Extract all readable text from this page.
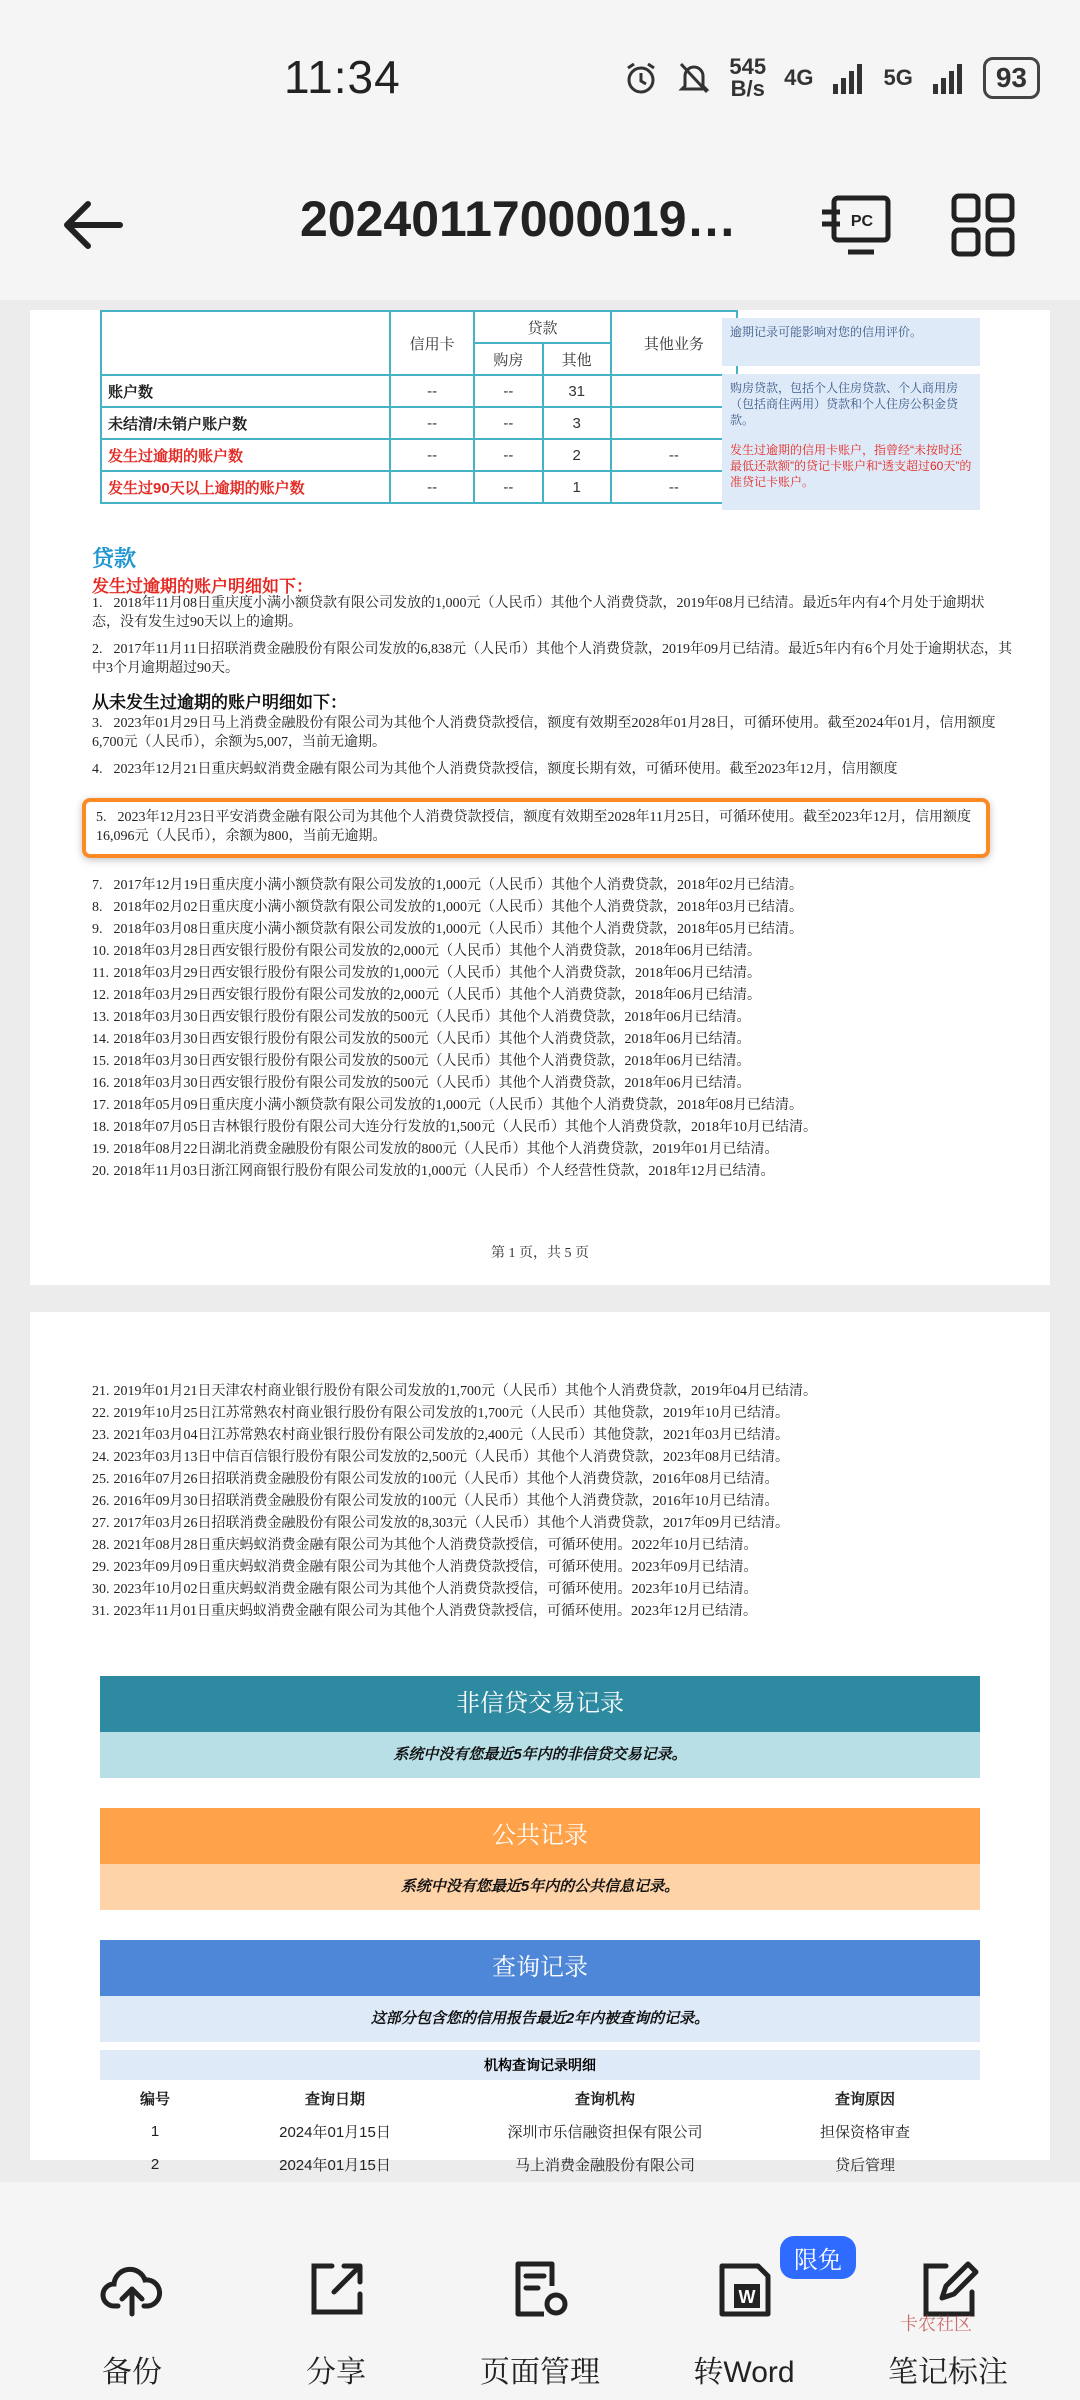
11:34	545
B/s 4G	5G	93
20240117000019…	PC
	信用卡	贷款		其他业务
		购房	其他	
账户数	--	--	31	
未结清/未销户账户数	--	--	3	
发生过逾期的账户数	--	--	2	--
发生过90天以上逾期的账户数	--	--	1	--
逾期记录可能影响对您的信用评价。
购房贷款，包括个人住房贷款、个人商用房（包括商住两用）贷款和个人住房公积金贷款。
发生过逾期的信用卡账户，指曾经“未按时还最低还款额”的贷记卡账户和“透支超过60天”的准贷记卡账户。
贷款
发生过逾期的账户明细如下：
1. 2018年11月08日重庆度小满小额贷款有限公司发放的1,000元（人民币）其他个人消费贷款，2019年08月已结清。最近5年内有4个月处于逾期状态，没有发生过90天以上的逾期。
2. 2017年11月11日招联消费金融股份有限公司发放的6,838元（人民币）其他个人消费贷款，2019年09月已结清。最近5年内有6个月处于逾期状态，其中3个月逾期超过90天。
从未发生过逾期的账户明细如下：
3. 2023年01月29日马上消费金融股份有限公司为其他个人消费贷款授信，额度有效期至2028年01月28日，可循环使用。截至2024年01月，信用额度6,700元（人民币），余额为5,007，当前无逾期。
4. 2023年12月21日重庆蚂蚁消费金融有限公司为其他个人消费贷款授信，额度长期有效，可循环使用。截至2023年12月，信用额度
5. 2023年12月23日平安消费金融有限公司为其他个人消费贷款授信，额度有效期至2028年11月25日，可循环使用。截至2023年12月，信用额度16,096元（人民币），余额为800，当前无逾期。
7. 2017年12月19日重庆度小满小额贷款有限公司发放的1,000元（人民币）其他个人消费贷款，2018年02月已结清。
8. 2018年02月02日重庆度小满小额贷款有限公司发放的1,000元（人民币）其他个人消费贷款，2018年03月已结清。
9. 2018年03月08日重庆度小满小额贷款有限公司发放的1,000元（人民币）其他个人消费贷款，2018年05月已结清。
10. 2018年03月28日西安银行股份有限公司发放的2,000元（人民币）其他个人消费贷款，2018年06月已结清。
11. 2018年03月29日西安银行股份有限公司发放的1,000元（人民币）其他个人消费贷款，2018年06月已结清。
12. 2018年03月29日西安银行股份有限公司发放的2,000元（人民币）其他个人消费贷款，2018年06月已结清。
13. 2018年03月30日西安银行股份有限公司发放的500元（人民币）其他个人消费贷款，2018年06月已结清。
14. 2018年03月30日西安银行股份有限公司发放的500元（人民币）其他个人消费贷款，2018年06月已结清。
15. 2018年03月30日西安银行股份有限公司发放的500元（人民币）其他个人消费贷款，2018年06月已结清。
16. 2018年03月30日西安银行股份有限公司发放的500元（人民币）其他个人消费贷款，2018年06月已结清。
17. 2018年05月09日重庆度小满小额贷款有限公司发放的1,000元（人民币）其他个人消费贷款，2018年08月已结清。
18. 2018年07月05日吉林银行股份有限公司大连分行发放的1,500元（人民币）其他个人消费贷款，2018年10月已结清。
19. 2018年08月22日湖北消费金融股份有限公司发放的800元（人民币）其他个人消费贷款，2019年01月已结清。
20. 2018年11月03日浙江网商银行股份有限公司发放的1,000元（人民币）个人经营性贷款，2018年12月已结清。
第 1 页，共 5 页
21. 2019年01月21日天津农村商业银行股份有限公司发放的1,700元（人民币）其他个人消费贷款，2019年04月已结清。
22. 2019年10月25日江苏常熟农村商业银行股份有限公司发放的1,700元（人民币）其他贷款，2019年10月已结清。
23. 2021年03月04日江苏常熟农村商业银行股份有限公司发放的2,400元（人民币）其他贷款，2021年03月已结清。
24. 2023年03月13日中信百信银行股份有限公司发放的2,500元（人民币）其他个人消费贷款，2023年08月已结清。
25. 2016年07月26日招联消费金融股份有限公司发放的100元（人民币）其他个人消费贷款，2016年08月已结清。
26. 2016年09月30日招联消费金融股份有限公司发放的100元（人民币）其他个人消费贷款，2016年10月已结清。
27. 2017年03月26日招联消费金融股份有限公司发放的8,303元（人民币）其他个人消费贷款，2017年09月已结清。
28. 2021年08月28日重庆蚂蚁消费金融有限公司为其他个人消费贷款授信，可循环使用。2022年10月已结清。
29. 2023年09月09日重庆蚂蚁消费金融有限公司为其他个人消费贷款授信，可循环使用。2023年09月已结清。
30. 2023年10月02日重庆蚂蚁消费金融有限公司为其他个人消费贷款授信，可循环使用。2023年10月已结清。
31. 2023年11月01日重庆蚂蚁消费金融有限公司为其他个人消费贷款授信，可循环使用。2023年12月已结清。
非信贷交易记录
系统中没有您最近5年内的非信贷交易记录。
公共记录
系统中没有您最近5年内的公共信息记录。
查询记录
这部分包含您的信用报告最近2年内被查询的记录。
机构查询记录明细
编号	查询日期	查询机构	查询原因
1	2024年01月15日	深圳市乐信融资担保有限公司	担保资格审查
2	2024年01月15日	马上消费金融股份有限公司	贷后管理

备份	分享	页面管理
W
转Word
限免
笔记标注
卡农社区
